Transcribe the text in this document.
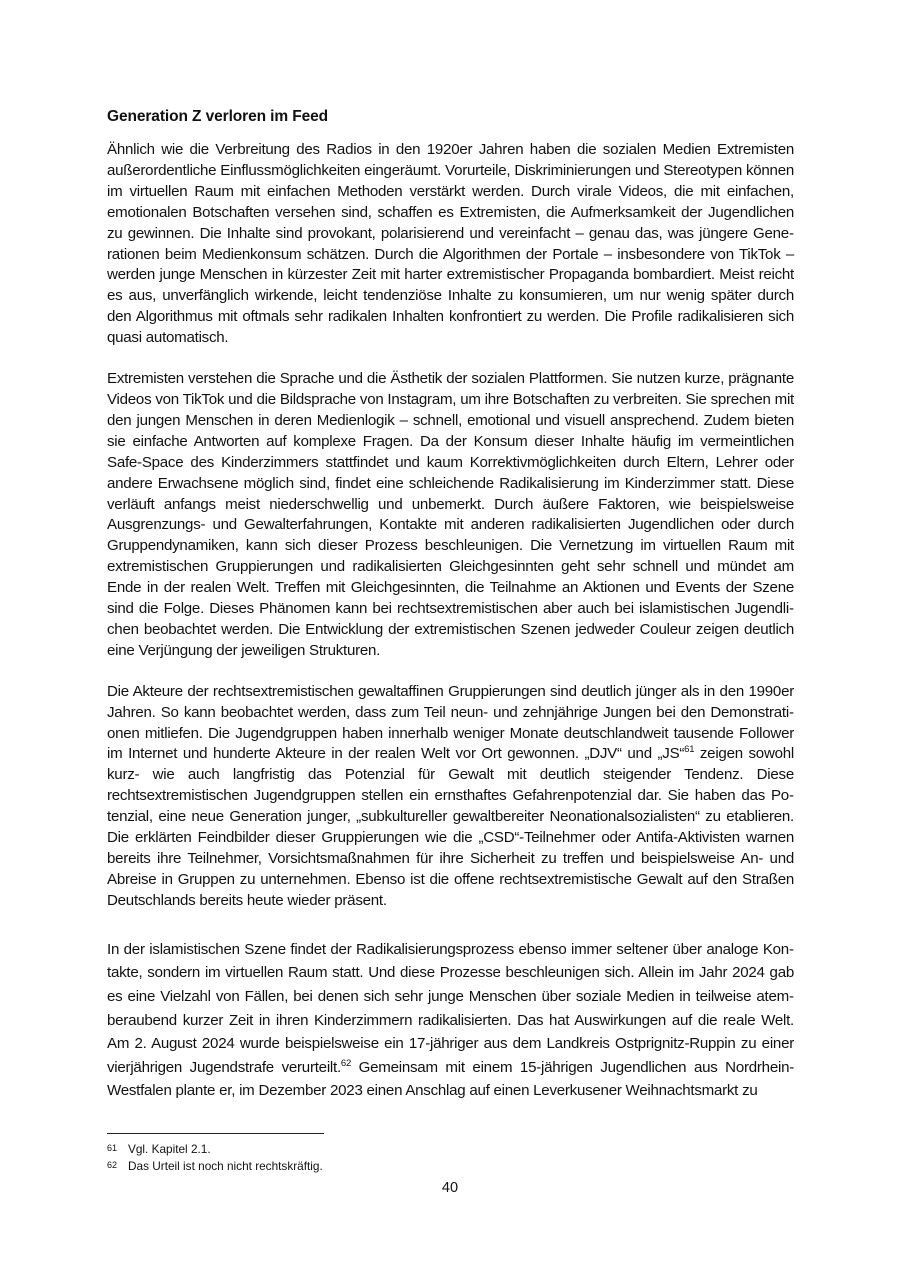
Generation Z verloren im Feed

Ähnlich wie die Verbreitung des Radios in den 1920er Jahren haben die sozialen Medien Extremisten außerordentliche Einflussmöglichkeiten eingeräumt. Vorurteile, Diskriminierungen und Stereotypen können im virtuellen Raum mit einfachen Methoden verstärkt werden. Durch virale Videos, die mit einfachen, emotionalen Botschaften versehen sind, schaffen es Extremisten, die Aufmerksamkeit der Jugendlichen zu gewinnen. Die Inhalte sind provokant, polarisierend und vereinfacht – genau das, was jüngere Generationen beim Medienkonsum schätzen. Durch die Algorithmen der Portale – insbesondere von TikTok – werden junge Menschen in kürzester Zeit mit harter extremistischer Propaganda bombardiert. Meist reicht es aus, unverfänglich wirkende, leicht tendenziöse Inhalte zu konsumieren, um nur wenig später durch den Algorithmus mit oftmals sehr radikalen Inhalten konfrontiert zu werden. Die Profile radikalisieren sich quasi automatisch.

Extremisten verstehen die Sprache und die Ästhetik der sozialen Plattformen. Sie nutzen kurze, prägnante Videos von TikTok und die Bildsprache von Instagram, um ihre Botschaften zu verbreiten. Sie sprechen mit den jungen Menschen in deren Medienlogik – schnell, emotional und visuell ansprechend. Zudem bieten sie einfache Antworten auf komplexe Fragen. Da der Konsum dieser Inhalte häufig im vermeintlichen Safe-Space des Kinderzimmers stattfindet und kaum Korrektivmöglichkeiten durch Eltern, Lehrer oder andere Erwachsene möglich sind, findet eine schleichende Radikalisierung im Kinderzimmer statt. Diese verläuft anfangs meist niederschwellig und unbemerkt. Durch äußere Faktoren, wie beispielsweise Ausgrenzungs- und Gewalterfahrungen, Kontakte mit anderen radikalisierten Jugendlichen oder durch Gruppendynamiken, kann sich dieser Prozess beschleunigen. Die Vernetzung im virtuellen Raum mit extremistischen Gruppierungen und radikalisierten Gleichgesinnten geht sehr schnell und mündet am Ende in der realen Welt. Treffen mit Gleichgesinnten, die Teilnahme an Aktionen und Events der Szene sind die Folge. Dieses Phänomen kann bei rechtsextremistischen aber auch bei islamistischen Jugendlichen beobachtet werden. Die Entwicklung der extremistischen Szenen jedweder Couleur zeigen deutlich eine Verjüngung der jeweiligen Strukturen.

Die Akteure der rechtsextremistischen gewaltaffinen Gruppierungen sind deutlich jünger als in den 1990er Jahren. So kann beobachtet werden, dass zum Teil neun- und zehnjährige Jungen bei den Demonstrationen mitliefen. Die Jugendgruppen haben innerhalb weniger Monate deutschlandweit tausende Follower im Internet und hunderte Akteure in der realen Welt vor Ort gewonnen. „DJV“ und „JS“$^{61}$ zeigen sowohl kurz- wie auch langfristig das Potenzial für Gewalt mit deutlich steigender Tendenz. Diese rechtsextremistischen Jugendgruppen stellen ein ernsthaftes Gefahrenpotenzial dar. Sie haben das Potenzial, eine neue Generation junger, „subkultureller gewaltbereiter Neonationalsozialisten“ zu etablieren. Die erklärten Feindbilder dieser Gruppierungen wie die „CSD“-Teilnehmer oder Antifa-Aktivisten warnen bereits ihre Teilnehmer, Vorsichtsmaßnahmen für ihre Sicherheit zu treffen und beispielsweise An- und Abreise in Gruppen zu unternehmen. Ebenso ist die offene rechtsextremistische Gewalt auf den Straßen Deutschlands bereits heute wieder präsent.

In der islamistischen Szene findet der Radikalisierungsprozess ebenso immer seltener über analoge Kontakte, sondern im virtuellen Raum statt. Und diese Prozesse beschleunigen sich. Allein im Jahr 2024 gab es eine Vielzahl von Fällen, bei denen sich sehr junge Menschen über soziale Medien in teilweise atemberaubend kurzer Zeit in ihren Kinderzimmern radikalisierten. Das hat Auswirkungen auf die reale Welt. Am 2. August 2024 wurde beispielsweise ein 17-jähriger aus dem Landkreis Ostprignitz-Ruppin zu einer vierjährigen Jugendstrafe verurteilt.$^{62}$ Gemeinsam mit einem 15-jährigen Jugendlichen aus Nordrhein-Westfalen plante er, im Dezember 2023 einen Anschlag auf einen Leverkusener Weihnachtsmarkt zu

61 Vgl. Kapitel 2.1.
62 Das Urteil ist noch nicht rechtskräftig.
40
